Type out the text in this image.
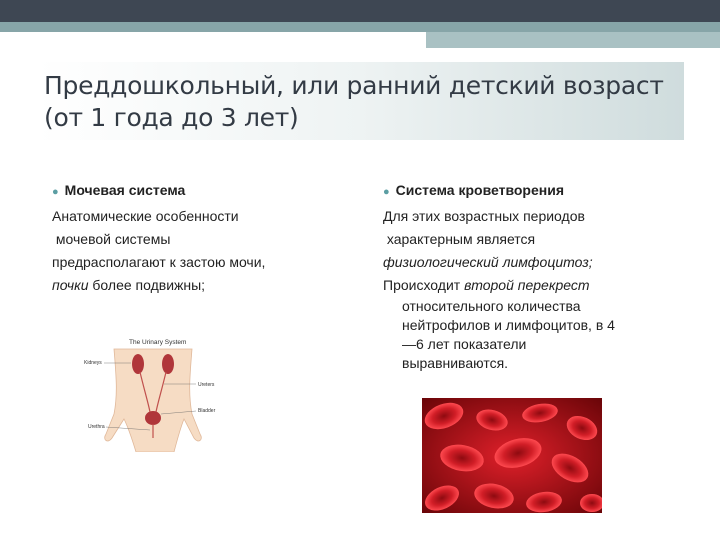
Преддошкольный, или ранний детский возраст (от 1 года до 3 лет)
● Мочевая система
Анатомические особенности
мочевой системы
предрасполагают к застою мочи,
почки более подвижны;
The Urinary System
Kidneys
Ureters
Bladder
Urethra
● Система кроветворения
Для этих возрастных периодов
характерным является
физиологический лимфоцитоз;
Происходит второй перекрест
относительного количества
нейтрофилов и лимфоцитов, в 4
—6 лет показатели
выравниваются.
